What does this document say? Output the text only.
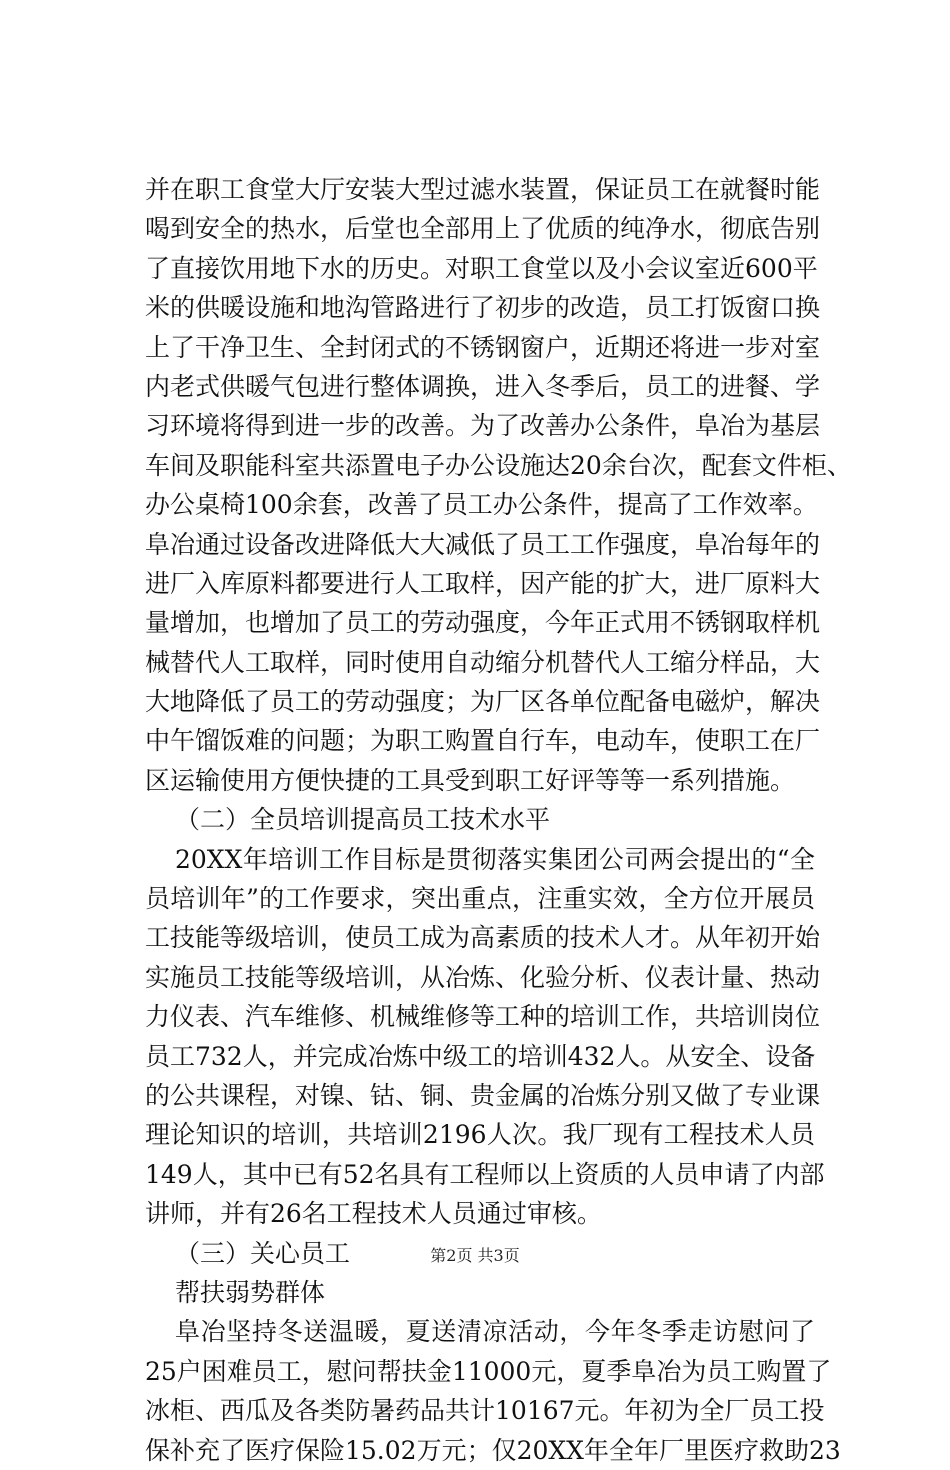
并在职工食堂大厅安装大型过滤水装置，保证员工在就餐时能
喝到安全的热水，后堂也全部用上了优质的纯净水，彻底告别
了直接饮用地下水的历史。对职工食堂以及小会议室近600平
米的供暖设施和地沟管路进行了初步的改造，员工打饭窗口换
上了干净卫生、全封闭式的不锈钢窗户，近期还将进一步对室
内老式供暖气包进行整体调换，进入冬季后，员工的进餐、学
习环境将得到进一步的改善。为了改善办公条件，阜冶为基层
车间及职能科室共添置电子办公设施达20余台次，配套文件柜、
办公桌椅100余套，改善了员工办公条件，提高了工作效率。
阜冶通过设备改进降低大大减低了员工工作强度，阜冶每年的
进厂入库原料都要进行人工取样，因产能的扩大，进厂原料大
量增加，也增加了员工的劳动强度，今年正式用不锈钢取样机
械替代人工取样，同时使用自动缩分机替代人工缩分样品，大
大地降低了员工的劳动强度；为厂区各单位配备电磁炉，解决
中午馏饭难的问题；为职工购置自行车，电动车，使职工在厂
区运输使用方便快捷的工具受到职工好评等等一系列措施。
（二）全员培训提高员工技术水平
20XX年培训工作目标是贯彻落实集团公司两会提出的“全
员培训年”的工作要求，突出重点，注重实效，全方位开展员
工技能等级培训，使员工成为高素质的技术人才。从年初开始
实施员工技能等级培训，从冶炼、化验分析、仪表计量、热动
力仪表、汽车维修、机械维修等工种的培训工作，共培训岗位
员工732人，并完成冶炼中级工的培训432人。从安全、设备
的公共课程，对镍、钴、铜、贵金属的冶炼分别又做了专业课
理论知识的培训，共培训2196人次。我厂现有工程技术人员
149人，其中已有52名具有工程师以上资质的人员申请了内部
讲师，并有26名工程技术人员通过审核。
（三）关心员工
帮扶弱势群体
阜冶坚持冬送温暖，夏送清凉活动，今年冬季走访慰问了
25户困难员工，慰问帮扶金11000元，夏季阜冶为员工购置了
冰柜、西瓜及各类防暑药品共计10167元。年初为全厂员工投
保补充了医疗保险15.02万元；仅20XX年全年厂里医疗救助23
第2页 共3页
